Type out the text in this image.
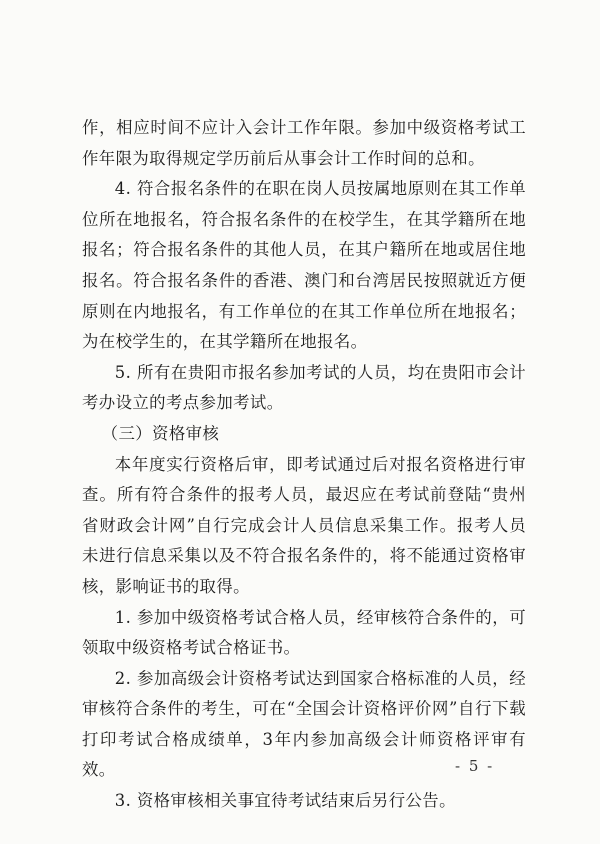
作，相应时间不应计入会计工作年限。参加中级资格考试工作年限为取得规定学历前后从事会计工作时间的总和。

4. 符合报名条件的在职在岗人员按属地原则在其工作单位所在地报名，符合报名条件的在校学生，在其学籍所在地报名；符合报名条件的其他人员，在其户籍所在地或居住地报名。符合报名条件的香港、澳门和台湾居民按照就近方便原则在内地报名，有工作单位的在其工作单位所在地报名；为在校学生的，在其学籍所在地报名。

5. 所有在贵阳市报名参加考试的人员，均在贵阳市会计考办设立的考点参加考试。

（三）资格审核

本年度实行资格后审，即考试通过后对报名资格进行审查。所有符合条件的报考人员，最迟应在考试前登陆“贵州省财政会计网”自行完成会计人员信息采集工作。报考人员未进行信息采集以及不符合报名条件的，将不能通过资格审核，影响证书的取得。

1. 参加中级资格考试合格人员，经审核符合条件的，可领取中级资格考试合格证书。

2. 参加高级会计资格考试达到国家合格标准的人员，经审核符合条件的考生，可在“全国会计资格评价网”自行下载打印考试合格成绩单，3年内参加高级会计师资格评审有效。

3. 资格审核相关事宜待考试结束后另行公告。

- 5 -
